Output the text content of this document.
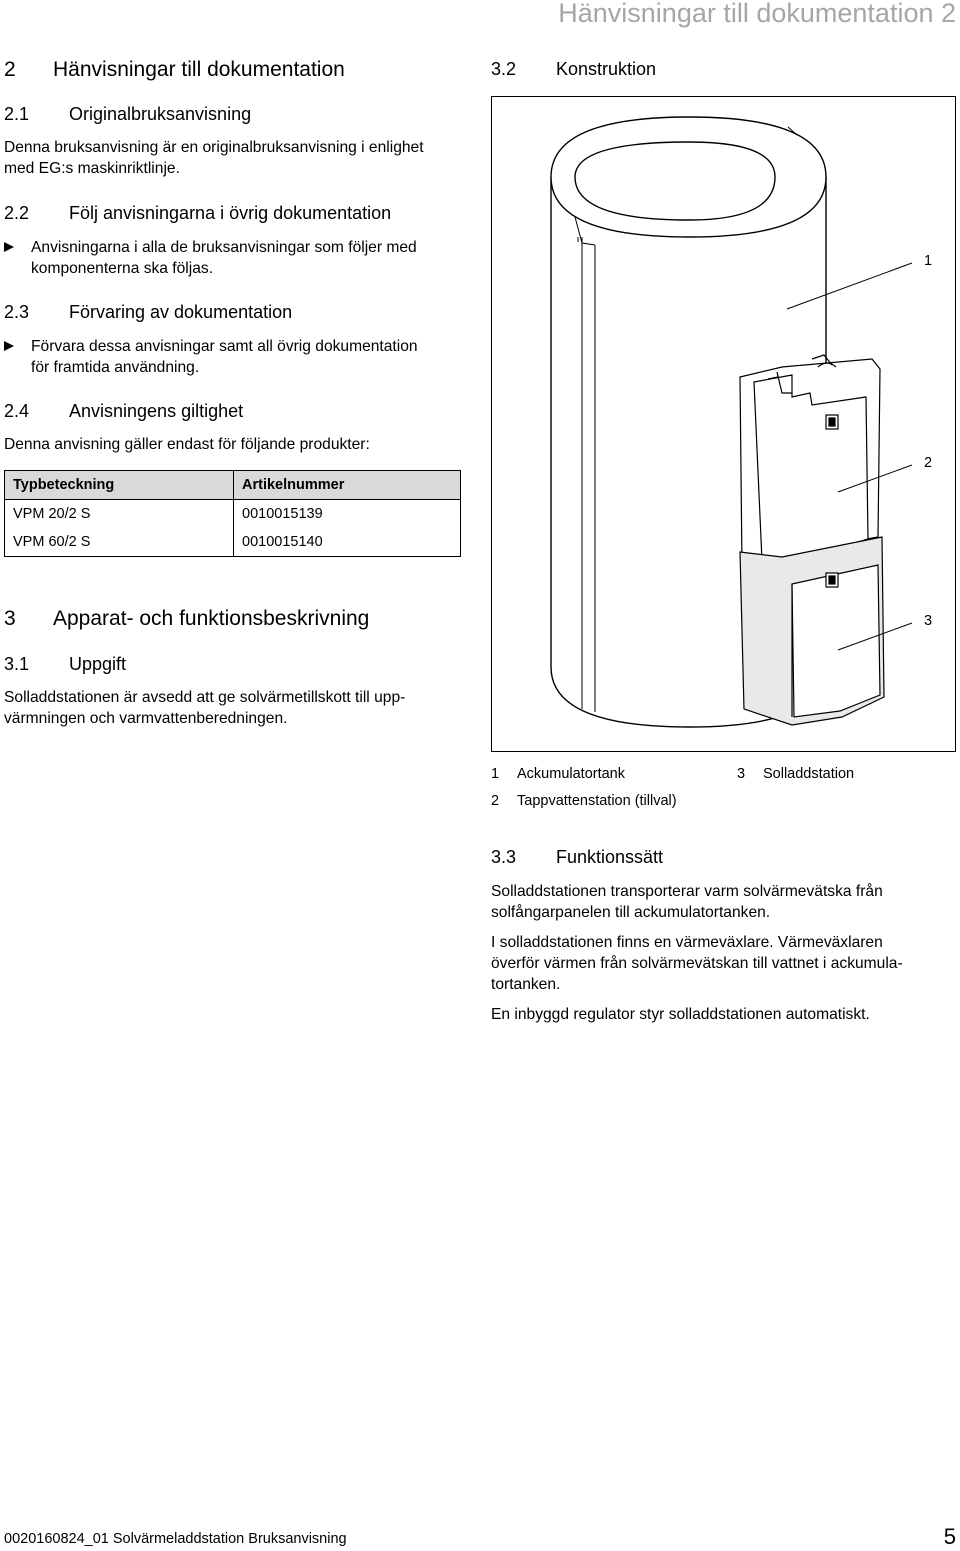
Hänvisningar till dokumentation 2
2 Hänvisningar till dokumentation
2.1 Originalbruksanvisning
Denna bruksanvisning är en originalbruksanvisning i enlighet
med EG:s maskinriktlinje.
2.2 Följ anvisningarna i övrig dokumentation
Anvisningarna i alla de bruksanvisningar som följer med
komponenterna ska följas.
2.3 Förvaring av dokumentation
Förvara dessa anvisningar samt all övrig dokumentation
för framtida användning.
2.4 Anvisningens giltighet
Denna anvisning gäller endast för följande produkter:
Typbeteckning	Artikelnummer
VPM 20/2 S	0010015139
VPM 60/2 S	0010015140
3 Apparat- och funktionsbeskrivning
3.1 Uppgift
Solladdstationen är avsedd att ge solvärmetillskott till upp-
värmningen och varmvattenberedningen.
3.2 Konstruktion
1
2
3
1 Ackumulatortank
2 Tappvattenstation (tillval)
3 Solladdstation
3.3 Funktionssätt
Solladdstationen transporterar varm solvärmevätska från
solfångarpanelen till ackumulatortanken.
I solladdstationen finns en värmeväxlare. Värmeväxlaren
överför värmen från solvärmevätskan till vattnet i ackumula-
tortanken.
En inbyggd regulator styr solladdstationen automatiskt.
0020160824_01 Solvärmeladdstation Bruksanvisning	5
